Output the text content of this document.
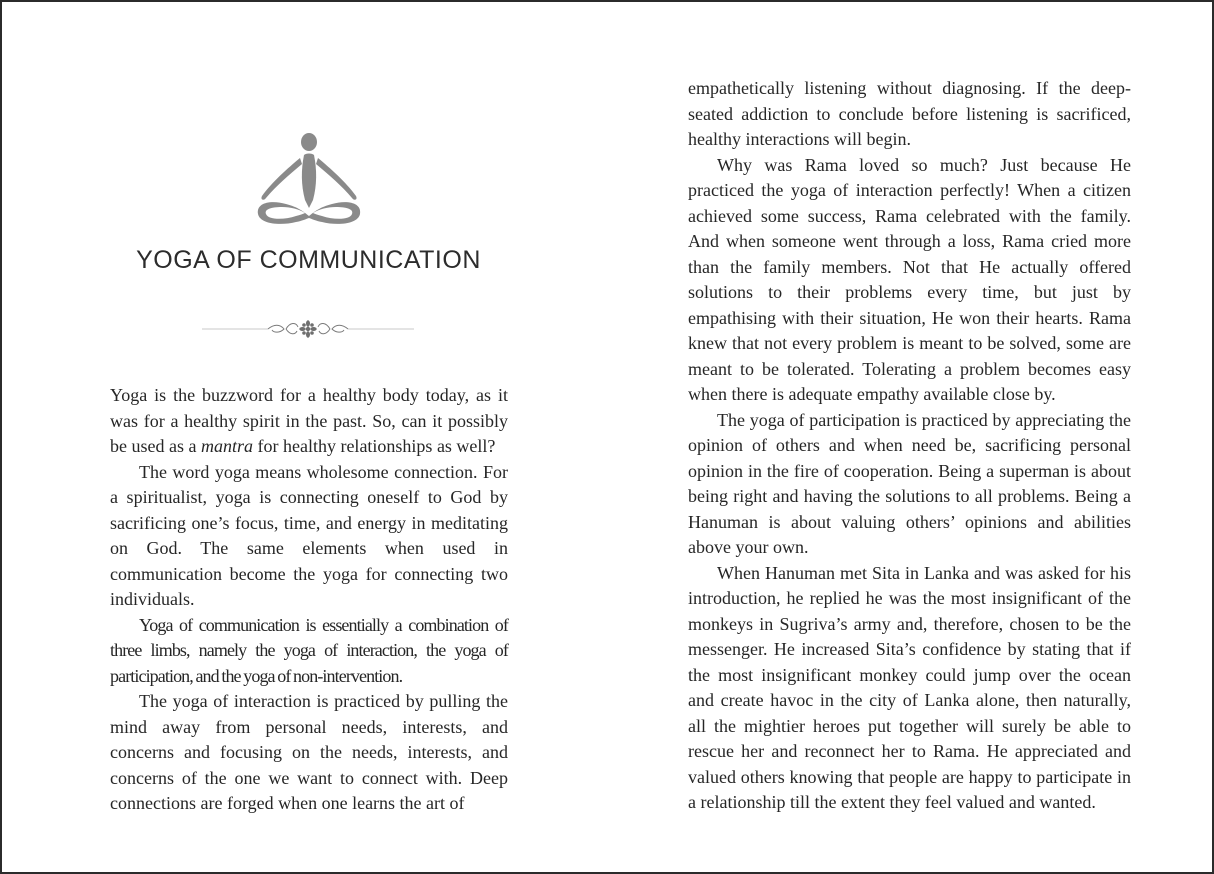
YOGA OF COMMUNICATION

Yoga is the buzzword for a healthy body today, as it was for a healthy spirit in the past. So, can it possibly be used as a mantra for healthy relationships as well?

The word yoga means wholesome connection. For a spiritualist, yoga is connecting oneself to God by sacrificing one’s focus, time, and energy in meditating on God. The same elements when used in communication become the yoga for connecting two individuals.

Yoga of communication is essentially a combination of three limbs, namely the yoga of interaction, the yoga of participation, and the yoga of non-intervention.

The yoga of interaction is practiced by pulling the mind away from personal needs, interests, and concerns and focusing on the needs, interests, and concerns of the one we want to connect with. Deep connections are forged when one learns the art of

empathetically listening without diagnosing. If the deep-seated addiction to conclude before listening is sacrificed, healthy interactions will begin.

Why was Rama loved so much? Just because He practiced the yoga of interaction perfectly! When a citizen achieved some success, Rama celebrated with the family. And when someone went through a loss, Rama cried more than the family members. Not that He actually offered solutions to their problems every time, but just by empathising with their situation, He won their hearts. Rama knew that not every problem is meant to be solved, some are meant to be tolerated. Tolerating a problem becomes easy when there is adequate empathy available close by.

The yoga of participation is practiced by appreciating the opinion of others and when need be, sacrificing personal opinion in the fire of cooperation. Being a superman is about being right and having the solutions to all problems. Being a Hanuman is about valuing others’ opinions and abilities above your own.

When Hanuman met Sita in Lanka and was asked for his introduction, he replied he was the most insignificant of the monkeys in Sugriva’s army and, therefore, chosen to be the messenger. He increased Sita’s confidence by stating that if the most insignificant monkey could jump over the ocean and create havoc in the city of Lanka alone, then naturally, all the mightier heroes put together will surely be able to rescue her and reconnect her to Rama. He appreciated and valued others knowing that people are happy to participate in a relationship till the extent they feel valued and wanted.
